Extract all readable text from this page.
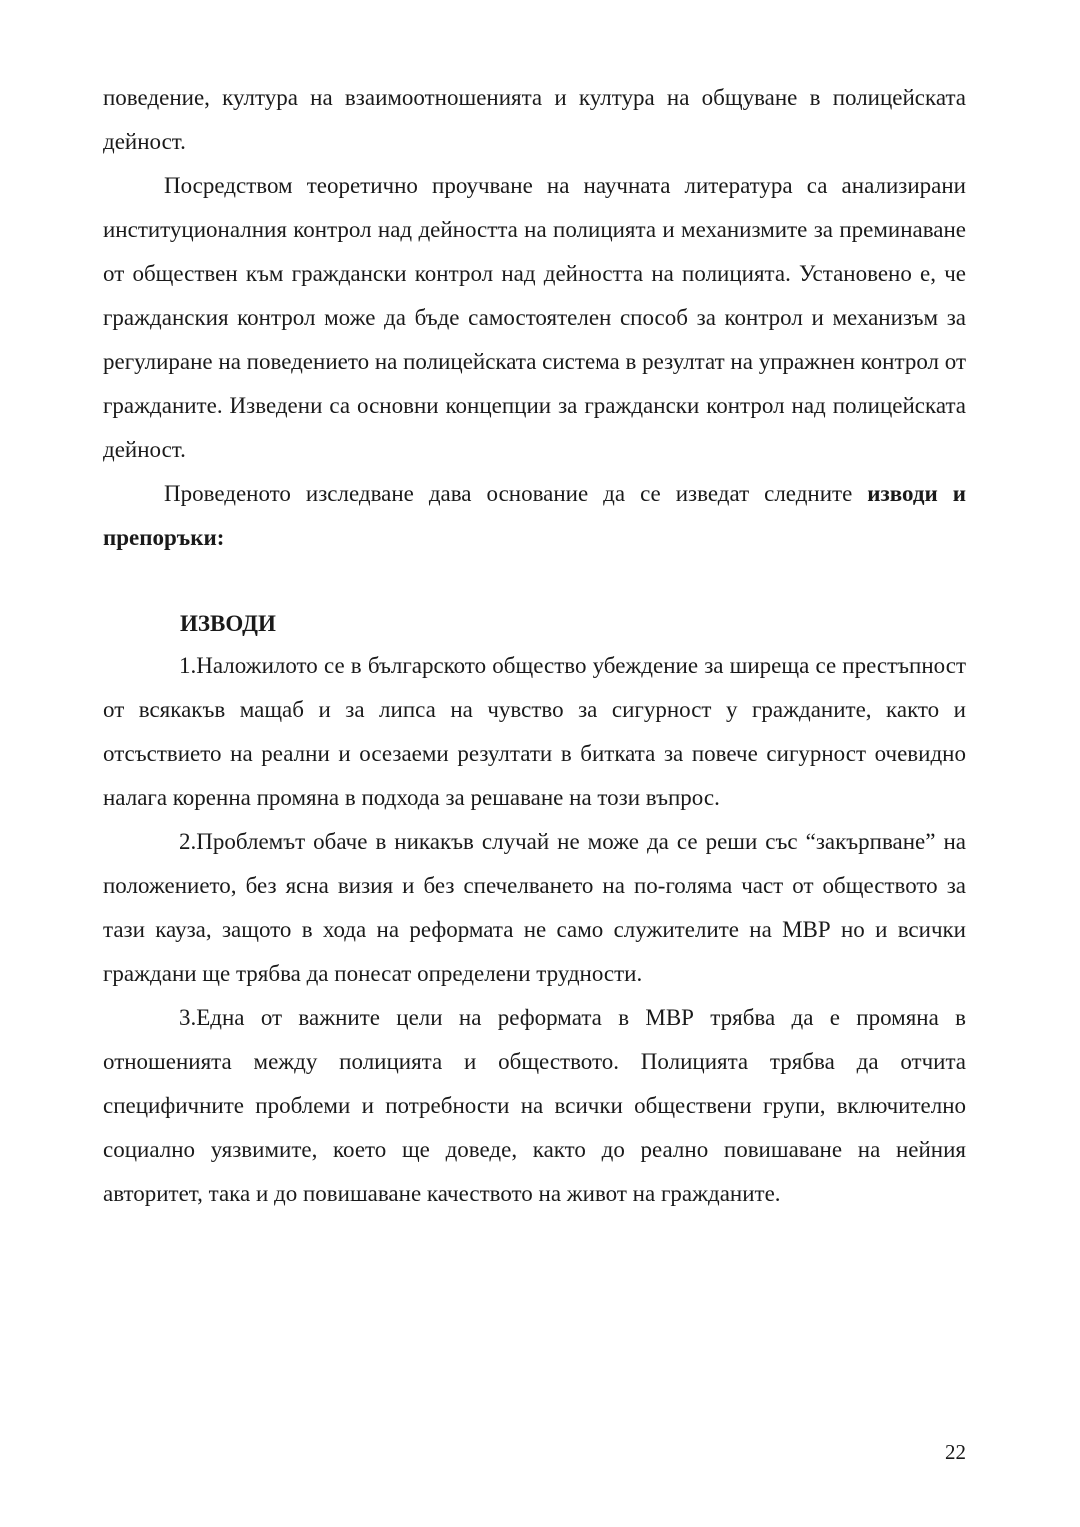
поведение, култура на взаимоотношенията и култура на общуване в полицейската дейност.

Посредством теоретично проучване на научната литература са анализирани институционалния контрол над дейността на полицията и механизмите за преминаване от обществен към граждански контрол над дейността на полицията. Установено е, че гражданския контрол може да бъде самостоятелен способ за контрол и механизъм за регулиране на поведението на полицейската система в резултат на упражнен контрол от гражданите. Изведени са основни концепции за граждански контрол над полицейската дейност.

Проведеното изследване дава основание да се изведат следните изводи и препоръки:

ИЗВОДИ

1.Наложилото се в българското общество убеждение за ширеща се престъпност от всякакъв мащаб и за липса на чувство за сигурност у гражданите, както и отсъствието на реални и осезаеми резултати в битката за повече сигурност очевидно налага коренна промяна в подхода за решаване на този въпрос.

2.Проблемът обаче в никакъв случай не може да се реши със “закърпване” на положението, без ясна визия и без спечелването на по-голяма част от обществото за тази кауза, защото в хода на реформата не само служителите на МВР но и всички граждани ще трябва да понесат определени трудности.

3.Една от важните цели на реформата в МВР трябва да е промяна в отношенията между полицията и обществото. Полицията трябва да отчита специфичните проблеми и потребности на всички обществени групи, включително социално уязвимите, което ще доведе, както до реално повишаване на нейния авторитет, така и до повишаване качеството на живот на гражданите.

22
